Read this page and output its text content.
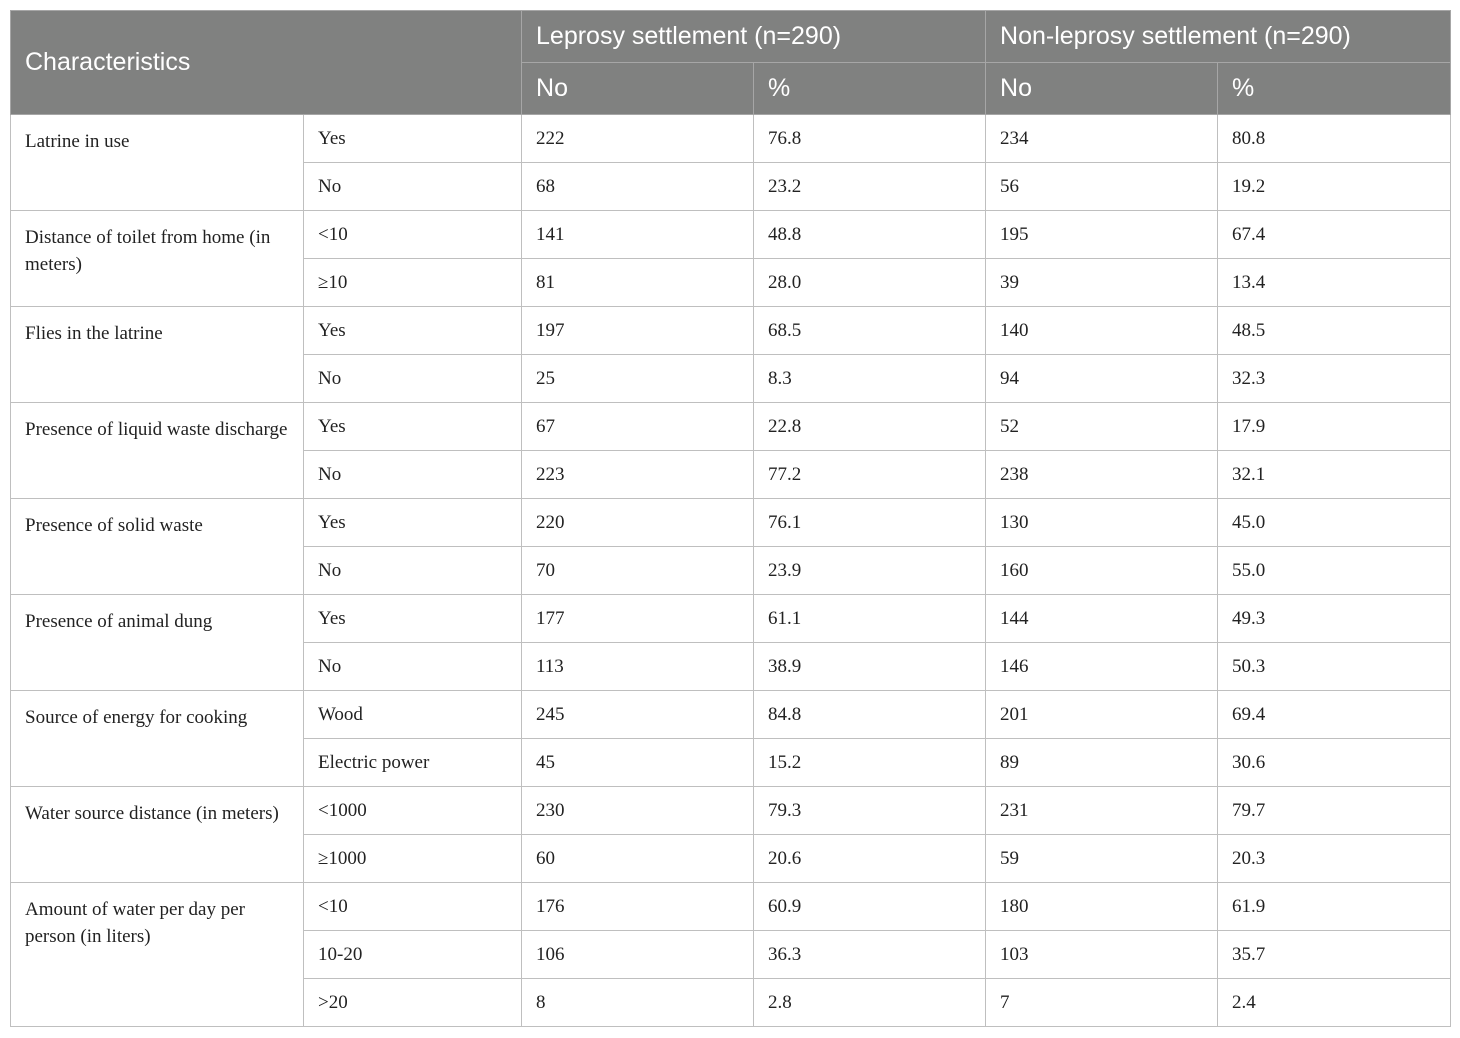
Characteristics		Leprosy settlement (n=290)		Non-leprosy settlement (n=290)	
		No	%	No	%
Latrine in use	Yes	222	76.8	234	80.8
	No	68	23.2	56	19.2
Distance of toilet from home (in meters)	<10	141	48.8	195	67.4
	≥10	81	28.0	39	13.4
Flies in the latrine	Yes	197	68.5	140	48.5
	No	25	8.3	94	32.3
Presence of liquid waste discharge	Yes	67	22.8	52	17.9
	No	223	77.2	238	32.1
Presence of solid waste	Yes	220	76.1	130	45.0
	No	70	23.9	160	55.0
Presence of animal dung	Yes	177	61.1	144	49.3
	No	113	38.9	146	50.3
Source of energy for cooking	Wood	245	84.8	201	69.4
	Electric power	45	15.2	89	30.6
Water source distance (in meters)	<1000	230	79.3	231	79.7
	≥1000	60	20.6	59	20.3
Amount of water per day per person (in liters)	<10	176	60.9	180	61.9
	10-20	106	36.3	103	35.7
	>20	8	2.8	7	2.4
